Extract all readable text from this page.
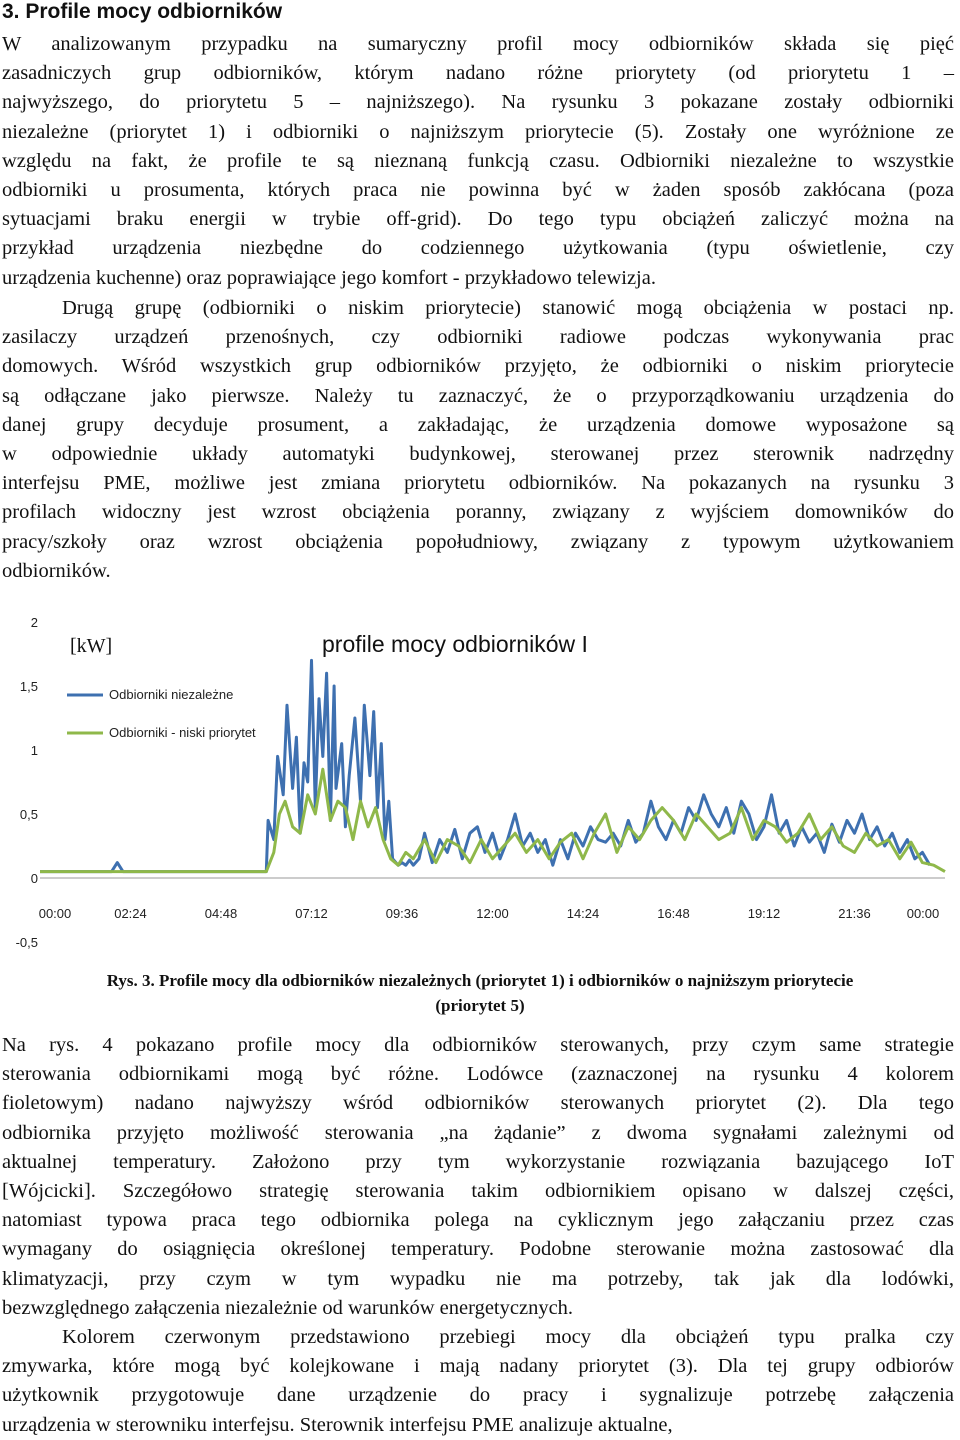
3. Profile mocy odbiorników
W analizowanym przypadku na sumaryczny profil mocy odbiorników składa się pięć
zasadniczych grup odbiorników, którym nadano różne priorytety (od priorytetu 1 –
najwyższego, do priorytetu 5 – najniższego). Na rysunku 3 pokazane zostały odbiorniki
niezależne (priorytet 1) i odbiorniki o najniższym priorytecie (5). Zostały one wyróżnione ze
względu na fakt, że profile te są nieznaną funkcją czasu. Odbiorniki niezależne to wszystkie
odbiorniki u prosumenta, których praca nie powinna być w żaden sposób zakłócana (poza
sytuacjami braku energii w trybie off-grid). Do tego typu obciążeń zaliczyć można na
przykład urządzenia niezbędne do codziennego użytkowania (typu oświetlenie, czy
urządzenia kuchenne) oraz poprawiające jego komfort - przykładowo telewizja.
Drugą grupę (odbiorniki o niskim priorytecie) stanowić mogą obciążenia w postaci np.
zasilaczy urządzeń przenośnych, czy odbiorniki radiowe podczas wykonywania prac
domowych. Wśród wszystkich grup odbiorników przyjęto, że odbiorniki o niskim priorytecie
są odłączane jako pierwsze. Należy tu zaznaczyć, że o przyporządkowaniu urządzenia do
danej grupy decyduje prosument, a zakładając, że urządzenia domowe wyposażone są
w odpowiednie układy automatyki budynkowej, sterowanej przez sterownik nadrzędny
interfejsu PME, możliwe jest zmiana priorytetu odbiorników. Na pokazanych na rysunku 3
profilach widoczny jest wzrost obciążenia poranny, związany z wyjściem domowników do
pracy/szkoły oraz wzrost obciążenia popołudniowy, związany z typowym użytkowaniem
odbiorników.
Na rys. 4 pokazano profile mocy dla odbiorników sterowanych, przy czym same strategie
sterowania odbiornikami mogą być różne. Lodówce (zaznaczonej na rysunku 4 kolorem
fioletowym) nadano najwyższy wśród odbiorników sterowanych priorytet (2). Dla tego
odbiornika przyjęto możliwość sterowania „na żądanie” z dwoma sygnałami zależnymi od
aktualnej temperatury. Założono przy tym wykorzystanie rozwiązania bazującego IoT
[Wójcicki]. Szczegółowo strategię sterowania takim odbiornikiem opisano w dalszej części,
natomiast typowa praca tego odbiornika polega na cyklicznym jego załączaniu przez czas
wymagany do osiągnięcia określonej temperatury. Podobne sterowanie można zastosować dla
klimatyzacji, przy czym w tym wypadku nie ma potrzeby, tak jak dla lodówki,
bezwzględnego załączenia niezależnie od warunków energetycznych.
Kolorem czerwonym przedstawiono przebiegi mocy dla obciążeń typu pralka czy
zmywarka, które mogą być kolejkowane i mają nadany priorytet (3). Dla tej grupy odbiorów
użytkownik przygotowuje dane urządzenie do pracy i sygnalizuje potrzebę załączenia
urządzenia w sterowniku interfejsu. Sterownik interfejsu PME analizuje aktualne,
2
1,5
1
0,5
0
-0,5
00:00	02:24	04:48	07:12	09:36	12:00	14:24	16:48	19:12	21:36	00:00
[kW]	profile mocy odbiorników I
Odbiorniki niezależne
Odbiorniki - niski priorytet
Rys. 3. Profile mocy dla odbiorników niezależnych (priorytet 1) i odbiorników o najniższym priorytecie
(priorytet 5)
